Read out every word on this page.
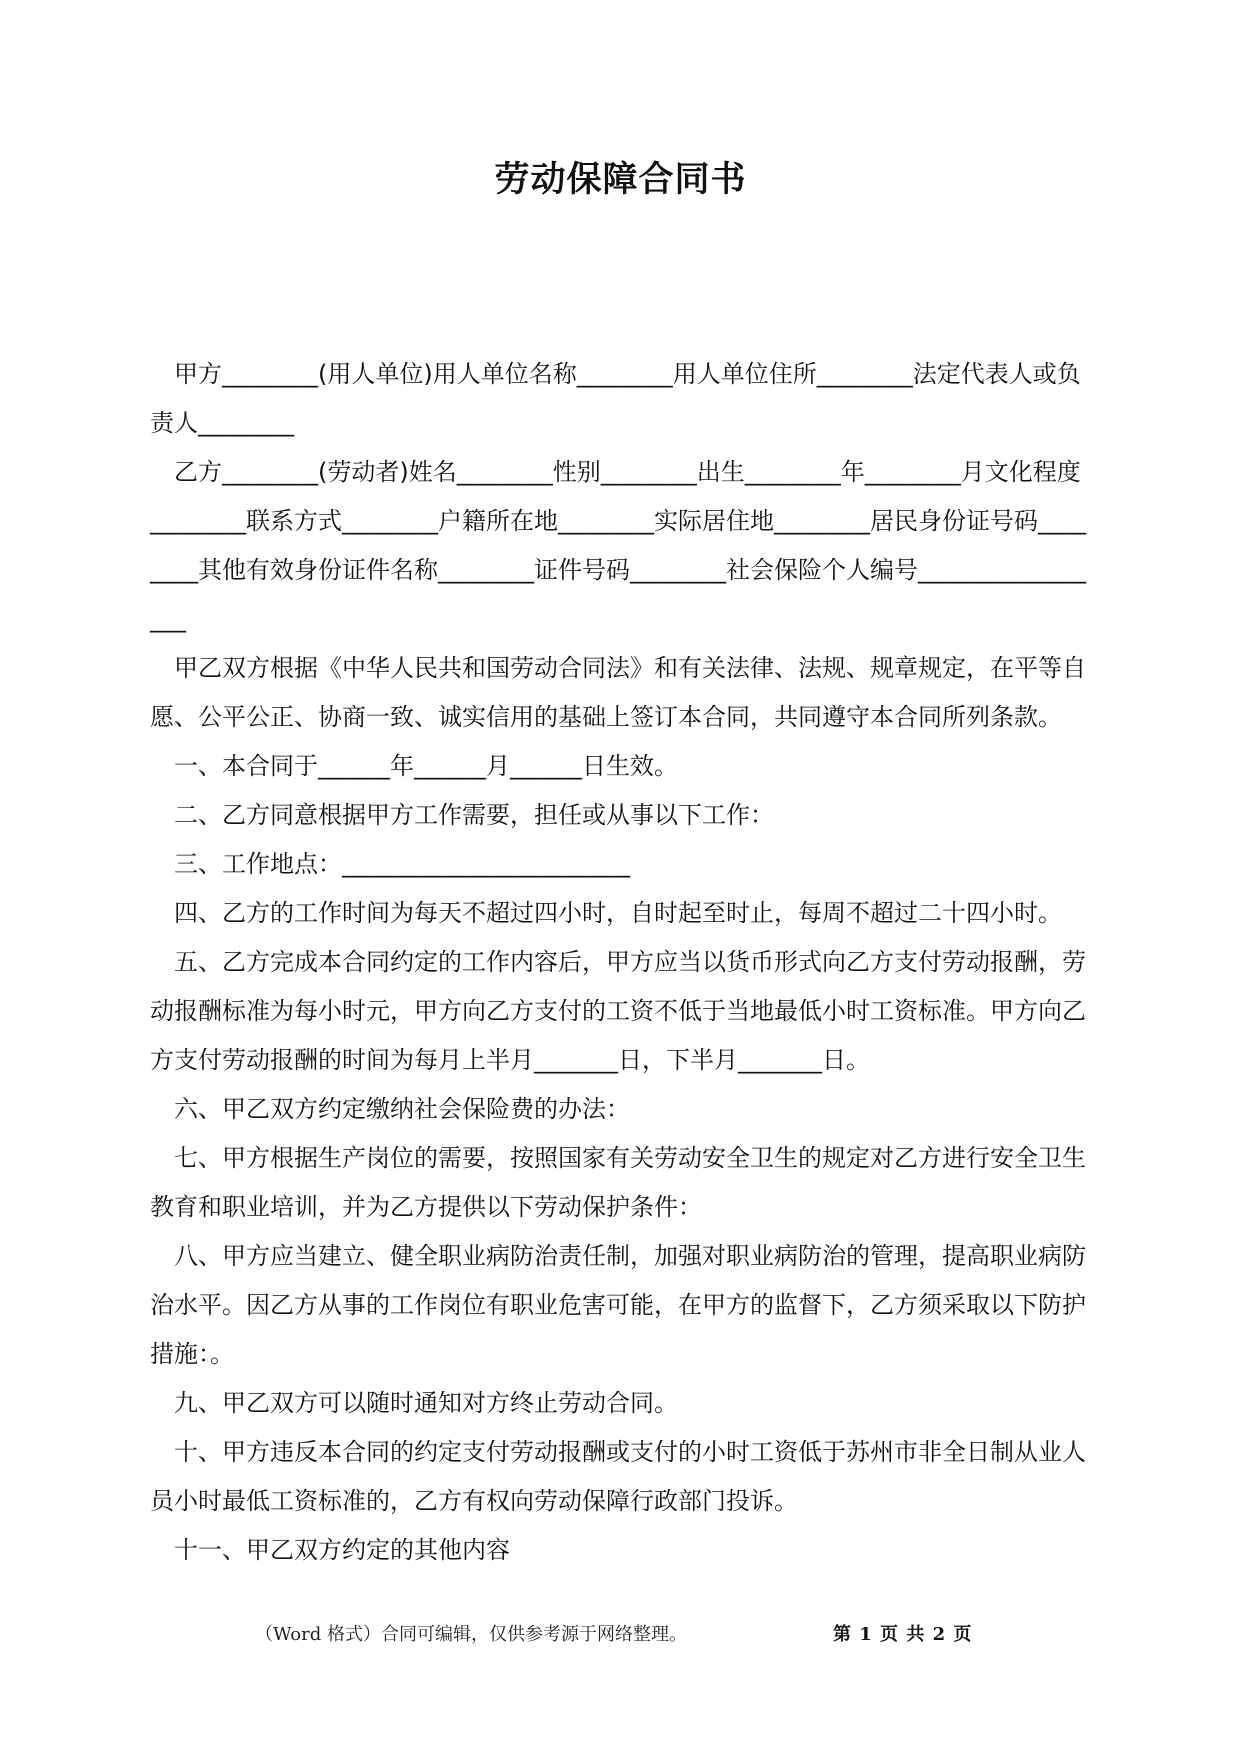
劳动保障合同书

甲方________(用人单位)用人单位名称________用人单位住所________法定代表人或负责人________

乙方________(劳动者)姓名________性别________出生________年________月文化程度________联系方式________户籍所在地________实际居住地________居民身份证号码________其他有效身份证件名称________证件号码________社会保险个人编号_________________

甲乙双方根据《中华人民共和国劳动合同法》和有关法律、法规、规章规定，在平等自愿、公平公正、协商一致、诚实信用的基础上签订本合同，共同遵守本合同所列条款。

一、本合同于______年______月______日生效。

二、乙方同意根据甲方工作需要，担任或从事以下工作：

三、工作地点：________________________

四、乙方的工作时间为每天不超过四小时，自时起至时止，每周不超过二十四小时。

五、乙方完成本合同约定的工作内容后，甲方应当以货币形式向乙方支付劳动报酬，劳动报酬标准为每小时元，甲方向乙方支付的工资不低于当地最低小时工资标准。甲方向乙方支付劳动报酬的时间为每月上半月_______日，下半月_______日。

六、甲乙双方约定缴纳社会保险费的办法：

七、甲方根据生产岗位的需要，按照国家有关劳动安全卫生的规定对乙方进行安全卫生教育和职业培训，并为乙方提供以下劳动保护条件：

八、甲方应当建立、健全职业病防治责任制，加强对职业病防治的管理，提高职业病防治水平。因乙方从事的工作岗位有职业危害可能，在甲方的监督下，乙方须采取以下防护措施：。

九、甲乙双方可以随时通知对方终止劳动合同。

十、甲方违反本合同的约定支付劳动报酬或支付的小时工资低于苏州市非全日制从业人员小时最低工资标准的，乙方有权向劳动保障行政部门投诉。

十一、甲乙双方约定的其他内容

（Word 格式）合同可编辑，仅供参考源于网络整理。	第 1 页 共 2 页
